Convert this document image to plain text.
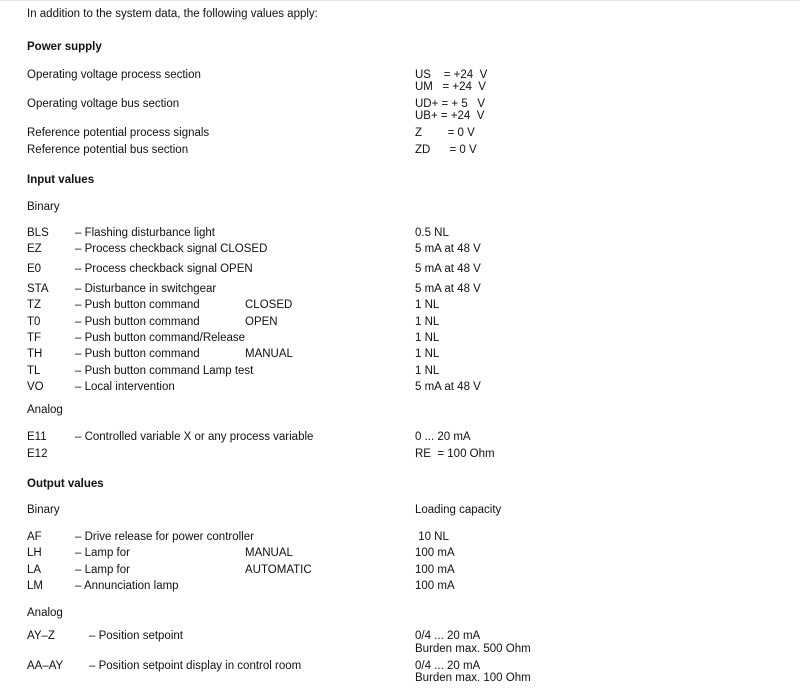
In addition to the system data, the following values apply:
Power supply
Operating voltage process section	US    = +24  V
UM   = +24  V
Operating voltage bus section	UD+ = + 5   V
UB+ = +24  V
Reference potential process signals	Z        = 0 V
Reference potential bus section	ZD      = 0 V
Input values
Binary
BLS – Flashing disturbance light	0.5 NL
EZ	– Process checkback signal CLOSED	5 mA at 48 V
E0	– Process checkback signal OPEN	5 mA at 48 V
STA – Disturbance in switchgear	5 mA at 48 V
TZ	– Push button command	CLOSED	1 NL
T0	– Push button command	OPEN	1 NL
TF	– Push button command/Release	1 NL
TH	– Push button command	MANUAL	1 NL
TL	– Push button command Lamp test	1 NL
VO	– Local intervention	5 mA at 48 V
Analog
E11 – Controlled variable X or any process variable	0 ... 20 mA
E12	RE  = 100 Ohm
Output values
Binary	Loading capacity
AF	– Drive release for power controller	10 NL
LH	– Lamp for	MANUAL	100 mA
LA	– Lamp for	AUTOMATIC	100 mA
LM	– Annunciation lamp	100 mA
Analog
AY–Z	– Position setpoint	0/4 ... 20 mA
Burden max. 500 Ohm
AA–AY – Position setpoint display in control room	0/4 ... 20 mA
Burden max. 100 Ohm
